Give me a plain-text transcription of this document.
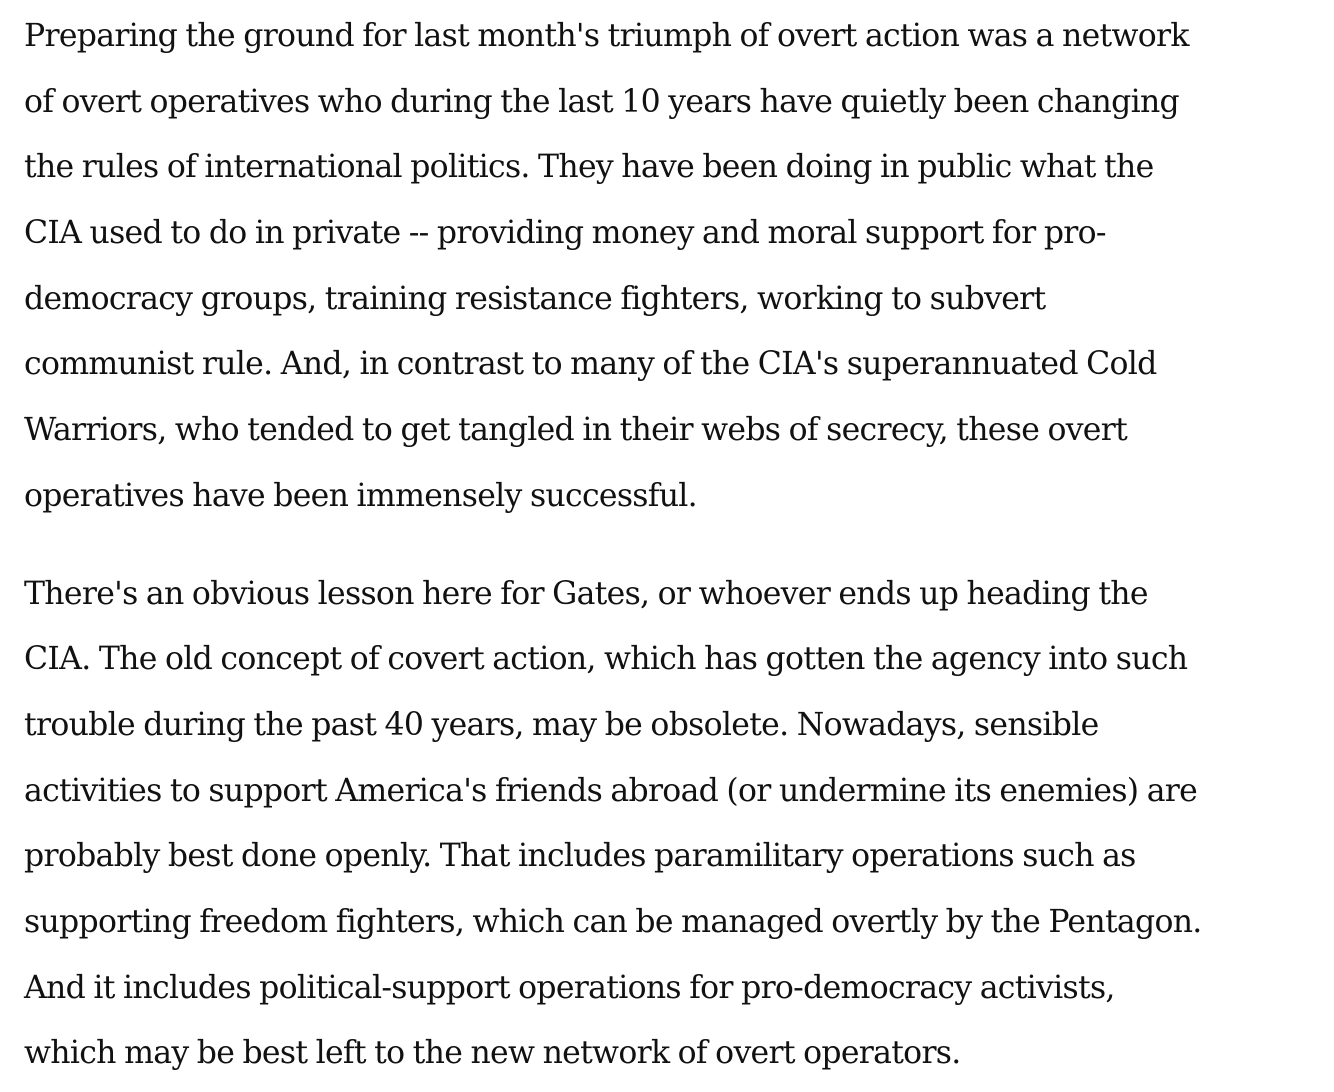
Preparing the ground for last month's triumph of overt action was a network
of overt operatives who during the last 10 years have quietly been changing
the rules of international politics. They have been doing in public what the
CIA used to do in private -- providing money and moral support for pro-
democracy groups, training resistance fighters, working to subvert
communist rule. And, in contrast to many of the CIA's superannuated Cold
Warriors, who tended to get tangled in their webs of secrecy, these overt
operatives have been immensely successful.

There's an obvious lesson here for Gates, or whoever ends up heading the
CIA. The old concept of covert action, which has gotten the agency into such
trouble during the past 40 years, may be obsolete. Nowadays, sensible
activities to support America's friends abroad (or undermine its enemies) are
probably best done openly. That includes paramilitary operations such as
supporting freedom fighters, which can be managed overtly by the Pentagon.
And it includes political-support operations for pro-democracy activists,
which may be best left to the new network of overt operators.
